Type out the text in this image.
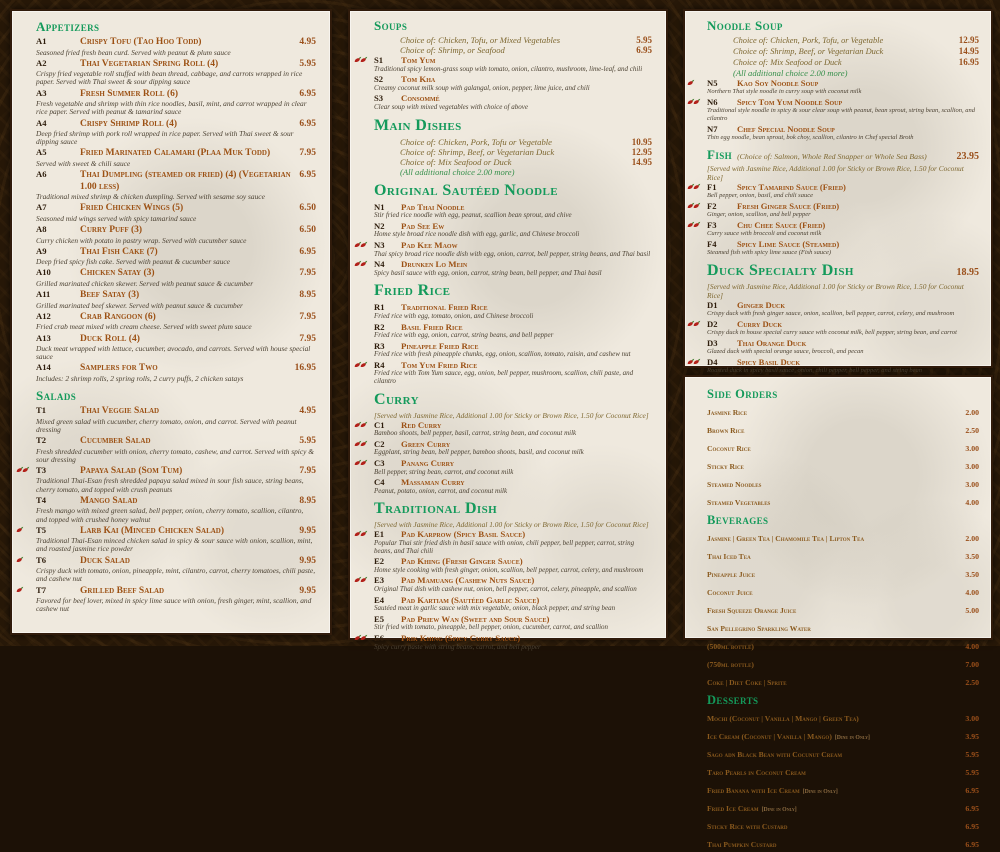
Appetizers
A1	Crispy Tofu (Tao Hoo Todd)	4.95
Seasoned fried fresh bean curd. Served with peanut & plum sauce
A2	Thai Vegetarian Spring Roll (4)	5.95
Crispy fried vegetable roll stuffed with bean thread, cabbage, and carrots wrapped in rice paper. Served with Thai sweet & sour dipping sauce
A3	Fresh Summer Roll (6)	6.95
Fresh vegetable and shrimp with thin rice noodles, basil, mint, and carrot wrapped in clear rice paper. Served with peanut & tamarind sauce
A4	Crispy Shrimp Roll (4)	6.95
Deep fried shrimp with pork roll wrapped in rice paper. Served with Thai sweet & sour dipping sauce
A5	Fried Marinated Calamari (Plaa Muk Todd)	7.95
Served with sweet & chili sauce
A6	Thai Dumpling (steamed or fried) (4) (Vegetarian 1.00 less)
6.95
Traditional mixed shrimp & chicken dumpling. Served with sesame soy sauce
A7	Fried Chicken Wings (5)	6.50
Seasoned mid wings served with spicy tamarind sauce
A8	Curry Puff (3)	6.50
Curry chicken with potato in pastry wrap. Served with cucumber sauce
A9	Thai Fish Cake (7)	6.95
Deep fried spicy fish cake. Served with peanut & cucumber sauce
A10	Chicken Satay (3)	7.95
Grilled marinated chicken skewer. Served with peanut sauce & cucumber
A11	Beef Satay (3)	8.95
Grilled marinated beef skewer. Served with peanut sauce & cucumber
A12	Crab Rangoon (6)	7.95
Fried crab meat mixed with cream cheese. Served with sweet plum sauce
A13	Duck Roll (4)	7.95
Duck meat wrapped with lettuce, cucumber, avocado, and carrots. Served with house special sauce
A14	Samplers for Two	16.95
Includes: 2 shrimp rolls, 2 spring rolls, 2 curry puffs, 2 chicken satays
Salads
T1	Thai Veggie Salad	4.95
Mixed green salad with cucumber, cherry tomato, onion, and carrot. Served with peanut dressing
T2	Cucumber Salad	5.95
Fresh shredded cucumber with onion, cherry tomato, cashew, and carrot. Served with spicy & sour dressing
T3	Papaya Salad (Som Tum)	7.95
Traditional Thai-Esan fresh shredded papaya salad mixed in sour fish sauce, string beans, cherry tomato, and topped with crush peanuts
T4	Mango Salad	8.95
Fresh mango with mixed green salad, bell pepper, onion, cherry tomato, scallion, cilantro, and topped with crushed honey walnut
T5	Larb Kai (Minced Chicken Salad)	9.95
Traditional Thai-Esan minced chicken salad in spicy & sour sauce with onion, scallion, mint, and roasted jasmine rice powder
T6	Duck Salad	9.95
Crispy duck with tomato, onion, pineapple, mint, cilantro, carrot, cherry tomatoes, chili paste, and cashew nut
T7	Grilled Beef Salad	9.95
Favored for beef lover, mixed in spicy lime sauce with onion, fresh ginger, mint, scallion, and cashew nut
Soups
Choice of: Chicken, Tofu, or Mixed Vegetables	5.95
Choice of: Shrimp, or Seafood	6.95
S1	Tom Yum
Traditional spicy lemon-grass soup with tomato, onion, cilantro, mushroom, lime-leaf, and chili
S2	Tom Kha
Creamy coconut milk soup with galangal, onion, pepper, lime juice, and chili
S3	Consommé
Clear soup with mixed vegetables with choice of above
Main Dishes
Choice of: Chicken, Pork, Tofu or Vegetable	10.95
Choice of: Shrimp, Beef, or Vegetarian Duck	12.95
Choice of: Mix Seafood or Duck	14.95
(All additional choice 2.00 more)
Original Sautéed Noodle
N1	Pad Thai Noodle
Stir fried rice noodle with egg, peanut, scallion bean sprout, and chive
N2	Pad See Ew
Home style broad rice noodle dish with egg, garlic, and Chinese broccoli
N3	Pad Kee Maow
Thai spicy broad rice noodle dish with egg, onion, carrot, bell pepper, string beans, and Thai basil
N4	Drunken Lo Mein
Spicy basil sauce with egg, onion, carrot, string bean, bell pepper, and Thai basil
Fried Rice
R1	Traditional Fried Rice
Fried rice with egg, tomato, onion, and Chinese broccoli
R2	Basil Fried Rice
Fried rice with egg, onion, carrot, string beans, and bell pepper
R3	Pineapple Fried Rice
Fried rice with fresh pineapple chunks, egg, onion, scallion, tomato, raisin, and cashew nut
R4	Tom Yum Fried Rice
Fried rice with Tom Yum sauce, egg, onion, bell pepper, mushroom, scallion, chili paste, and cilantro
Curry
[Served with Jasmine Rice, Additional 1.00 for Sticky or Brown Rice, 1.50 for Coconut Rice]
C1	Red Curry
Bamboo shoots, bell pepper, basil, carrot, string bean, and coconut milk
C2	Green Curry
Eggplant, string bean, bell pepper, bamboo shoots, basil, and coconut milk
C3	Panang Curry
Bell pepper, string bean, carrot, and coconut milk
C4	Massaman Curry
Peanut, potato, onion, carrot, and coconut milk
Traditional Dish
[Served with Jasmine Rice, Additional 1.00 for Sticky or Brown Rice, 1.50 for Coconut Rice]
E1	Pad Karprow (Spicy Basil Sauce)
Popular Thai stir fried dish in basil sauce with onion, chili pepper, bell pepper, carrot, string beans, and Thai chili
E2	Pad Khing (Fresh Ginger Sauce)
Home style cooking with fresh ginger, onion, scallion, bell pepper, carrot, celery, and mushroom
E3	Pad Mamuang (Cashew Nuts Sauce)
Original Thai dish with cashew nut, onion, bell pepper, carrot, celery, pineapple, and scallion
E4	Pad Kartiam (Sautéed Garlic Sauce)
Sautéed meat in garlic sauce with mix vegetable, onion, black pepper, and string bean
E5	Pad Priew Wan (Sweet and Sour Sauce)
Stir fried with tomato, pineapple, bell pepper, onion, cucumber, carrot, and scallion
E6	Prik Khing (Spicy Curry Sauce)
Spicy curry paste with string beans, carrot, and bell pepper
Noodle Soup
Choice of: Chicken, Pork, Tofu, or Vegetable	12.95
Choice of: Shrimp, Beef, or Vegetarian Duck	14.95
Choice of: Mix Seafood or Duck	16.95
(All additional choice 2.00 more)
N5	Kao Soy Noodle Soup
Northern Thai style noodle in curry soup with coconut milk
N6	Spicy Tom Yum Noodle Soup
Traditional style noodle in spicy & sour clear soup with peanut, bean sprout, string bean, scallion, and cilantro
N7	Chef Special Noodle Soup
Thin egg noodle, bean sprout, bok choy, scallion, cilantro in Chef special Broth
Fish (Choice of: Salmon, Whole Red Snapper or Whole Sea Bass)	23.95
[Served with Jasmine Rice, Additional 1.00 for Sticky or Brown Rice, 1.50 for Coconut Rice]
F1	Spicy Tamarind Sauce (Fried)
Bell pepper, onion, basil, and chili sauce
F2	Fresh Ginger Sauce (Fried)
Ginger, onion, scallion, and bell pepper
F3	Chu Chee Sauce (Fried)
Curry sauce with broccoli and coconut milk
F4	Spicy Lime Sauce (Steamed)
Steamed fish with spicy lime sauce (Fish sauce)
Duck Specialty Dish	18.95
[Served with Jasmine Rice, Additional 1.00 for Sticky or Brown Rice, 1.50 for Coconut Rice]
D1	Ginger Duck
Crispy duck with fresh ginger sauce, onion, scallion, bell pepper, carrot, celery, and mushroom
D2	Curry Duck
Crispy duck in house special curry sauce with coconut milk, bell pepper, string bean, and carrot
D3	Thai Orange Duck
Glazed duck with special orange sauce, broccoli, and pecan
D4	Spicy Basil Duck
Roasted duck in spicy basil sauce, onion, chili pepper, bell pepper, and string bean
Side Orders
Jasmine Rice	2.00
Brown Rice	2.50
Coconut Rice	3.00
Sticky Rice	3.00
Steamed Noodles	3.00
Steamed Vegetables	4.00
Beverages
Jasmine | Green Tea | Chamomile Tea | Lipton Tea	2.00
Thai Iced Tea	3.50
Pineapple Juice	3.50
Coconut Juice	4.00
Fresh Squeeze Orange Juice	5.00
San Pellegrino Sparkling Water
(500ml bottle)	4.00
(750ml bottle)	7.00
Coke | Diet Coke | Sprite	2.50
Desserts
Mochi (Coconut | Vanilla | Mango | Green Tea)	3.00
Ice Cream (Coconut | Vanilla | Mango) [Dine in Only]	3.95
Sago adn Black Bean with Cocunut Cream	5.95
Taro Pearls in Coconut Cream	5.95
Fried Banana with Ice Cream [Dine in Only]	6.95
Fried Ice Cream [Dine in Only]	6.95
Sticky Rice with Custard	6.95
Thai Pumpkin Custard	6.95
